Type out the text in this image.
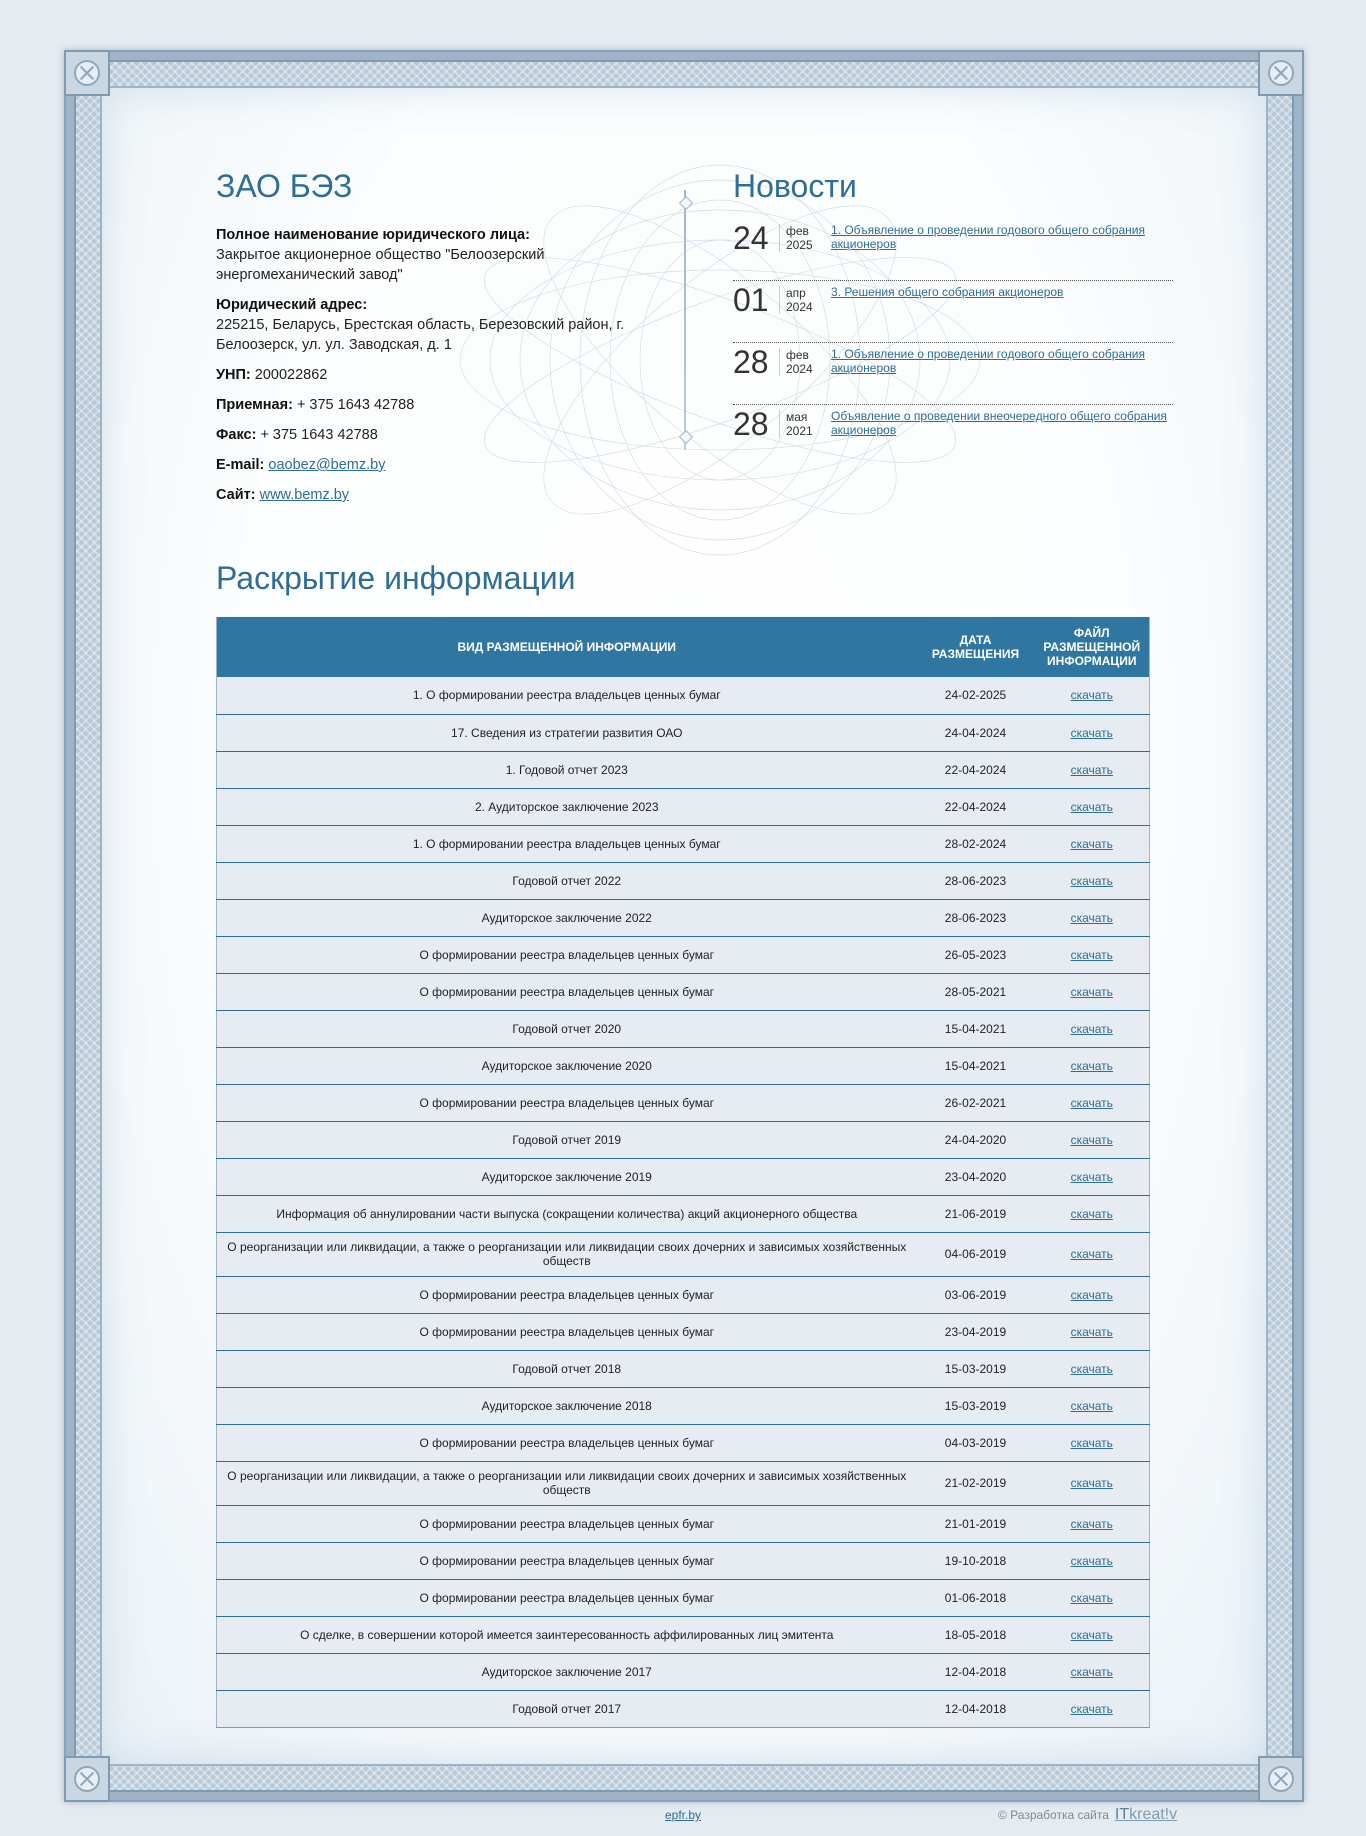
ЗАО БЭЗ
Полное наименование юридического лица:
Закрытое акционерное общество "Белоозерский энергомеханический завод"
Юридический адрес:
225215, Беларусь, Брестская область, Березовский район, г. Белоозерск, ул. ул. Заводская, д. 1
УНП: 200022862
Приемная: + 375 1643 42788
Факс: + 375 1643 42788
E-mail: oaobez@bemz.by
Сайт: www.bemz.by
Новости
24	фев
2025
1. Объявление о проведении годового общего собрания акционеров
01	апр
2024
3. Решения общего собрания акционеров
28	фев
2024
1. Объявление о проведении годового общего собрания акционеров
28	мая
2021
Объявление о проведении внеочередного общего собрания акционеров
Раскрытие информации
ВИД РАЗМЕЩЕННОЙ ИНФОРМАЦИИ	ДАТА РАЗМЕЩЕНИЯ	ФАЙЛ РАЗМЕЩЕННОЙ ИНФОРМАЦИИ
1. О формировании реестра владельцев ценных бумаг	24-02-2025	скачать
17. Сведения из стратегии развития ОАО	24-04-2024	скачать
1. Годовой отчет 2023	22-04-2024	скачать
2. Аудиторское заключение 2023	22-04-2024	скачать
1. О формировании реестра владельцев ценных бумаг	28-02-2024	скачать
Годовой отчет 2022	28-06-2023	скачать
Аудиторское заключение 2022	28-06-2023	скачать
О формировании реестра владельцев ценных бумаг	26-05-2023	скачать
О формировании реестра владельцев ценных бумаг	28-05-2021	скачать
Годовой отчет 2020	15-04-2021	скачать
Аудиторское заключение 2020	15-04-2021	скачать
О формировании реестра владельцев ценных бумаг	26-02-2021	скачать
Годовой отчет 2019	24-04-2020	скачать
Аудиторское заключение 2019	23-04-2020	скачать
Информация об аннулировании части выпуска (сокращении количества) акций акционерного общества	21-06-2019	скачать
О реорганизации или ликвидации, а также о реорганизации или ликвидации своих дочерних и зависимых хозяйственных обществ	04-06-2019	скачать
О формировании реестра владельцев ценных бумаг	03-06-2019	скачать
О формировании реестра владельцев ценных бумаг	23-04-2019	скачать
Годовой отчет 2018	15-03-2019	скачать
Аудиторское заключение 2018	15-03-2019	скачать
О формировании реестра владельцев ценных бумаг	04-03-2019	скачать
О реорганизации или ликвидации, а также о реорганизации или ликвидации своих дочерних и зависимых хозяйственных обществ	21-02-2019	скачать
О формировании реестра владельцев ценных бумаг	21-01-2019	скачать
О формировании реестра владельцев ценных бумаг	19-10-2018	скачать
О формировании реестра владельцев ценных бумаг	01-06-2018	скачать
О сделке, в совершении которой имеется заинтересованность аффилированных лиц эмитента	18-05-2018	скачать
Аудиторское заключение 2017	12-04-2018	скачать
Годовой отчет 2017	12-04-2018	скачать
epfr.by	© Разработка сайта ITkreat!v
